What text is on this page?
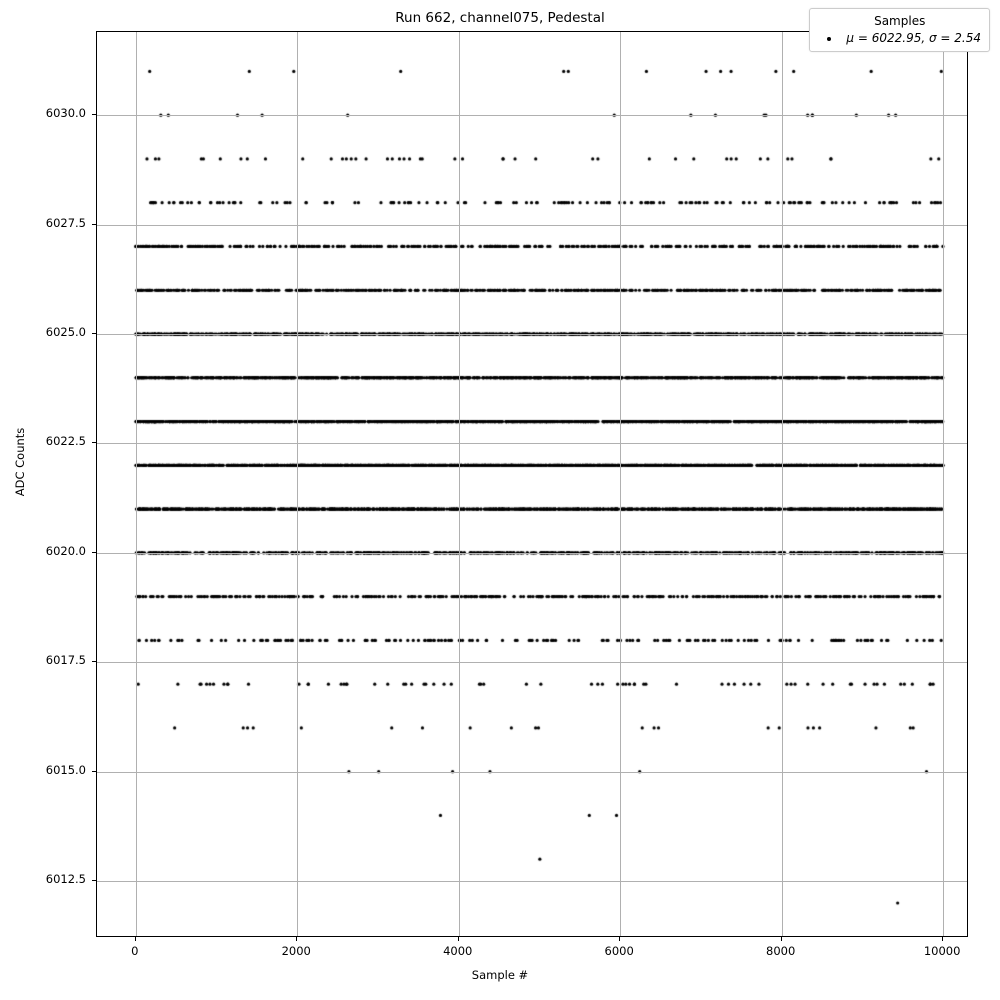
Run 662, channel075, Pedestal
6012.5
6015.0
6017.5
6020.0
6022.5
6025.0
6027.5
6030.0
0	2000	4000	6000	8000	10000
Sample #
ADC Counts
Samples
μ = 6022.95, σ = 2.54
